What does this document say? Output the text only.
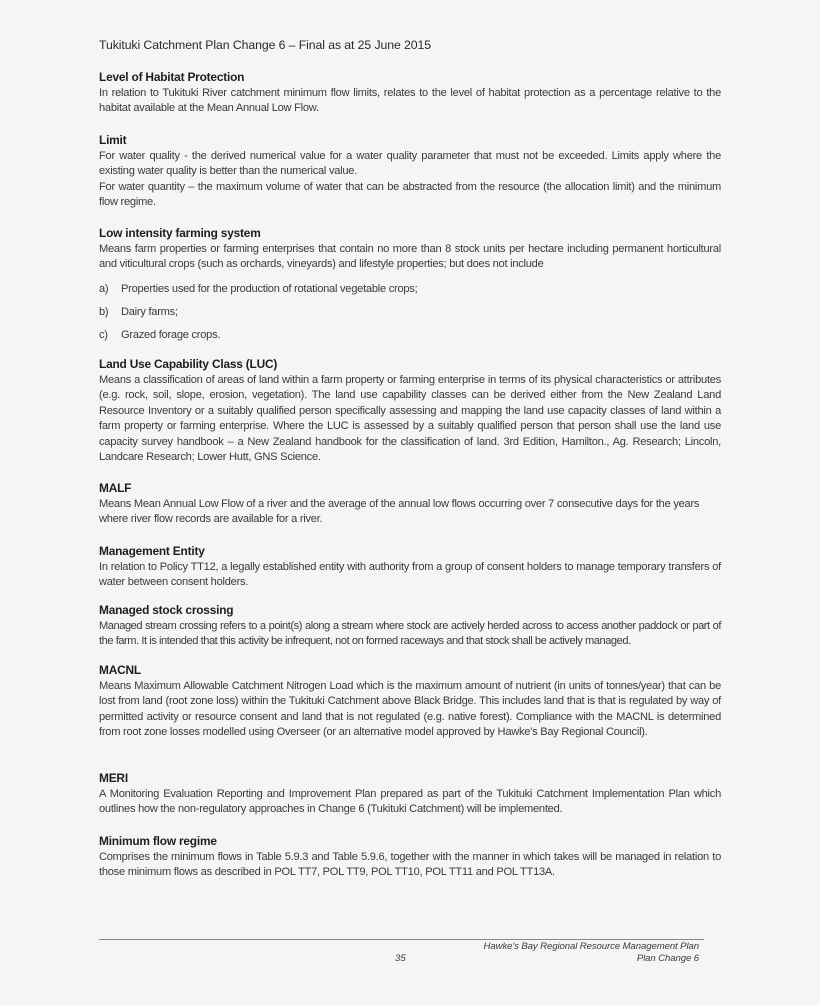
Tukituki Catchment Plan Change 6 – Final as at 25 June 2015
Level of Habitat Protection

In relation to Tukituki River catchment minimum flow limits, relates to the level of habitat protection as a percentage relative to the habitat available at the Mean Annual Low Flow.

Limit

For water quality - the derived numerical value for a water quality parameter that must not be exceeded. Limits apply where the existing water quality is better than the numerical value.

For water quantity – the maximum volume of water that can be abstracted from the resource (the allocation limit) and the minimum flow regime.

Low intensity farming system

Means farm properties or farming enterprises that contain no more than 8 stock units per hectare including permanent horticultural and viticultural crops (such as orchards, vineyards) and lifestyle properties; but does not include

a) Properties used for the production of rotational vegetable crops;
b) Dairy farms;
c) Grazed forage crops.
Land Use Capability Class (LUC)

Means a classification of areas of land within a farm property or farming enterprise in terms of its physical characteristics or attributes (e.g. rock, soil, slope, erosion, vegetation). The land use capability classes can be derived either from the New Zealand Land Resource Inventory or a suitably qualified person specifically assessing and mapping the land use capacity classes of land within a farm property or farming enterprise. Where the LUC is assessed by a suitably qualified person that person shall use the land use capacity survey handbook – a New Zealand handbook for the classification of land. 3rd Edition, Hamilton., Ag. Research; Lincoln, Landcare Research; Lower Hutt, GNS Science.

MALF

Means Mean Annual Low Flow of a river and the average of the annual low flows occurring over 7 consecutive days for the years where river flow records are available for a river.

Management Entity

In relation to Policy TT12, a legally established entity with authority from a group of consent holders to manage temporary transfers of water between consent holders.

Managed stock crossing

Managed stream crossing refers to a point(s) along a stream where stock are actively herded across to access another paddock or part of the farm. It is intended that this activity be infrequent, not on formed raceways and that stock shall be actively managed.

MACNL

Means Maximum Allowable Catchment Nitrogen Load which is the maximum amount of nutrient (in units of tonnes/year) that can be lost from land (root zone loss) within the Tukituki Catchment above Black Bridge. This includes land that is that is regulated by way of permitted activity or resource consent and land that is not regulated (e.g. native forest). Compliance with the MACNL is determined from root zone losses modelled using Overseer (or an alternative model approved by Hawke's Bay Regional Council).

MERI

A Monitoring Evaluation Reporting and Improvement Plan prepared as part of the Tukituki Catchment Implementation Plan which outlines how the non-regulatory approaches in Change 6 (Tukituki Catchment) will be implemented.

Minimum flow regime

Comprises the minimum flows in Table 5.9.3 and Table 5.9.6, together with the manner in which takes will be managed in relation to those minimum flows as described in POL TT7, POL TT9, POL TT10, POL TT11 and POL TT13A.

35
Hawke's Bay Regional Resource Management Plan
Plan Change 6
